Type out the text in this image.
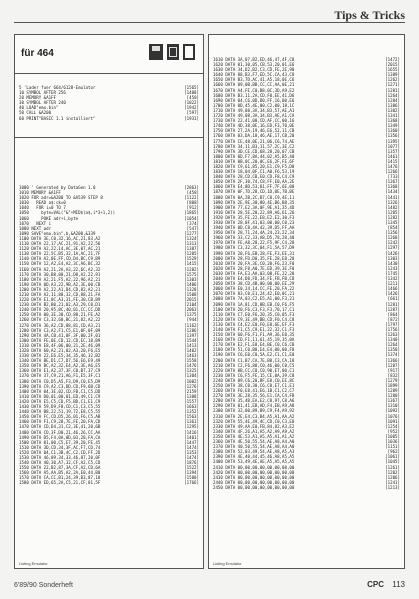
Tips & Tricks
für 464
5 'Lader fuer 664/6128-Emulator	[1565]
10 SYMBOL AFTER 256	[1408]
20 MEMORY &A1FF	[450]
30 SYMBOL AFTER 240	[1022]
40 LOAD"emu.bin"	[1942]
50 CALL &A200	[597]
60 PRINT"BASIC 1.1 installiert"	[1931]
1000 ' Generated by DataGen 1.0	[2863]
1010 MEMORY &A1FF	[458]
1020 FOR adr=&A200 TO &A539 STEP 8	[1122]
1030   READ a$:ck=0	[808]
1040   FOR i=0 TO 7	[912]
1050     byte=VAL("&"+MID$(a$,i*3+1,2))	[1865]
1060     POKE adr+i,byte	[1054]
1070   NEXT i	[374]
1080 NEXT adr	[547]
1090 SAVE"emu.bin",b,&A200,&339	[1277]
1100 DATA 3E,C0,32,16,AC,21,83,A2	[1324]
1110 DATA 22,17,AC,21,91,A2,22,56	[1313]
1120 DATA A2,22,14,AC,3E,07,AC,21	[1387]
1130 DATA 22,5C,B5,32,1A,AC,21,7F	[1205]
1140 DATA A2,0E,FF,CD,D4,BC,C9,B9	[1529]
1150 DATA 12,A2,E4,A2,3C,A6,BC,32	[1415]
1160 DATA A2,21,2A,A3,22,6C,A2,32	[1282]
1170 DATA 30,B8,00,21,D8,A2,22,91	[1575]
1180 DATA A2,21,F5,A2,22,96,A2,21	[1303]
1190 DATA 0D,A3,22,9B,A2,3E,00,CB	[1406]
1200 DATA A2,22,A1,D4,CD,82,A2,21	[1328]
1210 DATA A2,11,88,32,CD,88,21,FA	[1508]
1220 DATA E1,0C,A3,31,FE,30,CB,B9	[2015]
1230 DATA B2,B0,21,02,A3,29,C0,D1	[2104]
1240 DATA 20,95,8C,40,01,CC,CC,DD	[2063]
1250 DATA 00,3E,30,CD,88,21,FE,A2	[1375]
1260 DATA C3,32,60,BC,21,82,A2,22	[944]
1270 DATA 36,A2,CD,88,81,CD,A3,21	[1162]
1280 DATA C3,A2,F1,C5,E1,0F,0F,09	[1286]
1290 DATA 4A,CB,41,0F,3F,00,2F,01	[1397]
1300 DATA FE,0E,CD,12,CD,EC,18,B9	[1544]
1310 DATA E8,4F,06,00,21,2E,46,09	[1413]
1320 DATA 60,A2,21,02,A3,20,F6,E5	[1402]
1330 DATA 22,E6,E5,34,35,46,32,B2	[1463]
1340 DATA BE,D1,C7,D7,56,E6,E9,49	[1558]
1350 DATA BC,A2,32,E4,A2,3E,A6,E5	[1476]
1360 DATA E1,A2,37,3F,C0,B7,37,C9	[1325]
1370 DATA 37,C9,21,A6,F1,E5,3F,C1	[1304]
1380 DATA C0,D5,A5,F3,D9,C0,E5,D9	[1082]
1390 DATA C9,A2,C3,DD,CD,F9,6B,CD	[1276]
1400 DATA 04,3E,02,CD,FB,C1,C5,DD	[2159]
1410 DATA D0,01,00,01,ED,49,C1,C9	[1388]
1420 DATA E5,C5,CD,F5,BD,C1,E1,C9	[1557]
1430 DATA 59,D9,F8,CD,C1,C3,C5,55	[1663]
1440 DATA B8,22,51,19,72,E8,C5,55	[1352]
1450 DATA FC,CD,D5,26,01,F6,C5,AB	[1563]
1460 DATA F1,C9,28,7E,FE,20,FA,CD	[1361]
1470 DATA CD,D4,31,C2,3E,41,20,6B	[1295]
1480 DATA CD,3F,D0,21,46,26,CC,AA	[1416]
1490 DATA D5,F4,0A,0D,03,28,FA,CA	[1401]
1500 DATA 01,00,C5,E7,39,20,FE,45	[1447]
1510 DATA 3D,CD,34,3F,AC,F7,CD,74	[1474]
1520 DATA 04,C1,3B,4C,C2,CD,FF,2D	[1353]
1530 DATA 46,09,34,33,46,87,20,0F	[1474]
1540 DATA 40,30,A7,32,CF,A2,C5,CD	[1876]
1550 DATA 22,B2,87,3A,CF,A2,CD,6A	[1522]
1560 DATA A5,AA,B5,A2,2A,E0,44,B0	[1394]
1570 DATA CA,CC,B1,24,39,B3,87,18	[1580]
1580 DATA ED,65,2A,C5,21,CF,81,5F	[1766]
Listing Emulator
1610 DATA 3A,07,B2,ED,46,47,4F,C8	[1472]
1620 DATA 01,30,05,CB,53,20,01,E6	[2015]
1630 DATA 34,D2,B2,C3,CD,FE,2E,90	[1655]
1640 DATA 88,B3,F7,ED,5C,CA,43,C8	[1389]
1650 DATA B3,7D,AC,41,A5,18,0E,C6	[1262]
1660 DATA 09,0B,BB,CC,CC,AA,0E,21	[1271]
1670 DATA A4,FE,C0,B8,0C,3D,A9,E2	[1281]
1680 DATA B3,11,2A,CD,F0,EE,41,D6	[1264]
1690 DATA 04,C6,0D,D0,FF,16,00,E6	[1284]
1700 DATA 0D,45,4E,00,C2,00,18,1C	[1386]
1710 DATA 49,08,3A,34,B3,57,AE,A1	[1302]
1720 DATA 49,08,3A,34,B3,AE,A1,CA	[1341]
1730 DATA 22,41,00,CD,AF,CC,00,16	[1368]
1740 DATA 4D,38,0E,16,ED,F3,70,0E	[1349]
1750 DATA 27,2A,19,46,E6,52,11,CB	[1360]
1760 DATA 03,DA,18,46,AE,17,CB,20	[1356]
1770 DATA CE,48,0E,21,06,C6,74,AE	[1395]
1780 DATA 34,11,B3,11,57,2C,3E,C2	[1077]
1790 DATA 3D,CE,CD,68,28,20,07,CB	[1357]
1800 DATA 0D,F7,8A,44,02,A5,B5,40	[1461]
1810 DATA 0B,0C,20,0C,E6,2F,FE,6F	[1415]
1820 DATA C9,61,85,20,E1,C9,F5,D8	[1476]
1830 DATA 18,04,0F,C1,A0,F6,53,19	[1266]
1840 DATA 28,CD,CB,E0,CD,F8,C4,C9	[733]
1850 DATA 2F,30,74,C8,FF,E0,AA,2E	[1367]
1860 DATA E4,8D,53,01,FF,7F,6E,00	[1368]
1870 DATA 0F,7D,28,CD,1D,0E,7B,BE	[1434]
1880 DATA 0A,2B,2C,B7,C8,C9,4E,11	[1441]
1890 DATA 2E,9E,30,80,4E,B6,B8,35	[1326]
1900 DATA 77,E2,3A,0F,9E,A1,35,4D	[1482]
1910 DATA 28,5E,28,22,89,A6,61,26	[1285]
1920 DATA 35,FE,22,E8,E2,E2,30,F3	[1282]
1930 DATA 28,0F,41,03,00,00,C0,23	[1345]
1940 DATA 0D,C8,4A,42,39,D5,FF,AA	[854]
1950 DATA 28,71,24,4A,24,23,22,34	[1356]
1960 DATA 33,C2,33,A8,D5,78,28,40	[1268]
1970 DATA FE,A8,28,22,F5,9F,C4,28	[1242]
1980 DATA C3,32,3C,04,F1,5A,57,D9	[1297]
1990 DATA 20,F6,EB,28,FE,F3,EE,31	[1426]
2000 DATA 28,FD,D0,35,FE,28,E8,28	[1303]
2010 DATA 20,FA,3E,C0,20,F6,23,F0	[1430]
2020 DATA 28,F8,A0,7E,ED,39,3E,F0	[1243]
2030 DATA FA,E3,AA,03,08,FE,22,20	[1745]
2040 DATA E4,D8,FD,34,FE,FB,FB,C8	[1342]
2050 DATA 38,CD,4B,00,00,00,EE,29	[1211]
2060 DATA E0,24,14,CC,FE,20,FA,22	[1466]
2070 DATA 83,C0,E1,24,42,E0,0C,21	[1426]
2080 DATA 7A,03,C2,E5,A1,00,F3,21	[661]
2090 DATA 1A,81,CD,8B,EB,C0,F6,F5	[1281]
2100 DATA 20,F6,C3,F3,F3,70,17,C1	[1287]
2110 DATA C7,E0,F6,20,35,C0,05,F3	[864]
2120 DATA C9,3E,49,BB,CD,F0,C4,C8	[872]
2130 DATA C4,E2,E0,F0,E8,6E,EF,F3	[1797]
2140 DATA F1,C5,C9,E1,22,32,C1,F3	[1756]
2150 DATA 60,F6,F1,F1,A9,36,E0,35	[1263]
2160 DATA CD,F1,11,61,45,19,35,0A	[1340]
2170 DATA E2,F1,E8,E4,BE,C0,C6,CB	[1264]
2180 DATA 51,C0,B8,E4,E4,00,00,F8	[1350]
2190 DATA C6,E0,C0,5A,E2,C1,C1,E0	[1374]
2200 DATA C1,B7,CA,7E,B8,C3,CA,18	[1366]
2210 DATA C2,F6,88,C0,46,00,C0,C5	[1287]
2220 DATA 8B,CC,C8,C0,90,E7,00,C1	[917]
2230 DATA C6,F5,FE,15,CE,0A,39,C8	[832]
2240 DATA 09,C6,20,BF,E8,C0,EE,8C	[1279]
2250 DATA 38,C0,30,C6,C0,E7,C1,E1	[1899]
2260 DATA F0,E8,41,E6,1B,C1,C2,C7	[1289]
2270 DATA 3E,28,35,56,E1,CA,C4,FB	[1280]
2280 DATA 35,4B,EA,E2,C8,97,C8,A6	[1367]
2290 DATA 01,41,EB,AD,F4,EB,A9,A8	[1310]
2300 DATA 32,00,89,B9,C9,F4,A9,92	[1092]
2310 DATA 2E,E4,C3,B4,A5,A1,AA,A2	[1076]
2320 DATA 55,4E,49,4C,CD,C0,C3,E0	[1091]
2330 DATA 49,AA,E0,FB,84,82,A3,E2	[1254]
2340 DATA 4F,26,A1,A5,A2,A9,A9,A2	[952]
2350 DATA 4E,53,A1,A5,A5,A1,A1,A2	[1085]
2360 DATA 4E,50,55,54,AE,A8,A4,A0	[1036]
2370 DATA 40,50,55,54,AE,A8,A4,A0	[1151]
2380 DATA 52,03,49,54,AE,A8,A5,A3	[962]
2390 DATA 4E,40,44,45,46,A8,A5,A5	[1061]
2400 DATA 53,49,4E,AE,A5,A5,A5,A5	[1045]
2410 DATA 00,00,00,00,00,00,00,00	[1261]
2420 DATA 00,00,00,00,00,00,00,00	[1202]
2430 DATA 00,00,00,00,00,00,00,00	[1206]
2440 DATA 00,00,00,00,00,00,00,00	[1241]
2450 DATA 00,00,00,00,00,00,00,00	[1213]
Listing Emulator
6'89/90 Sonderheft	CPC 113
